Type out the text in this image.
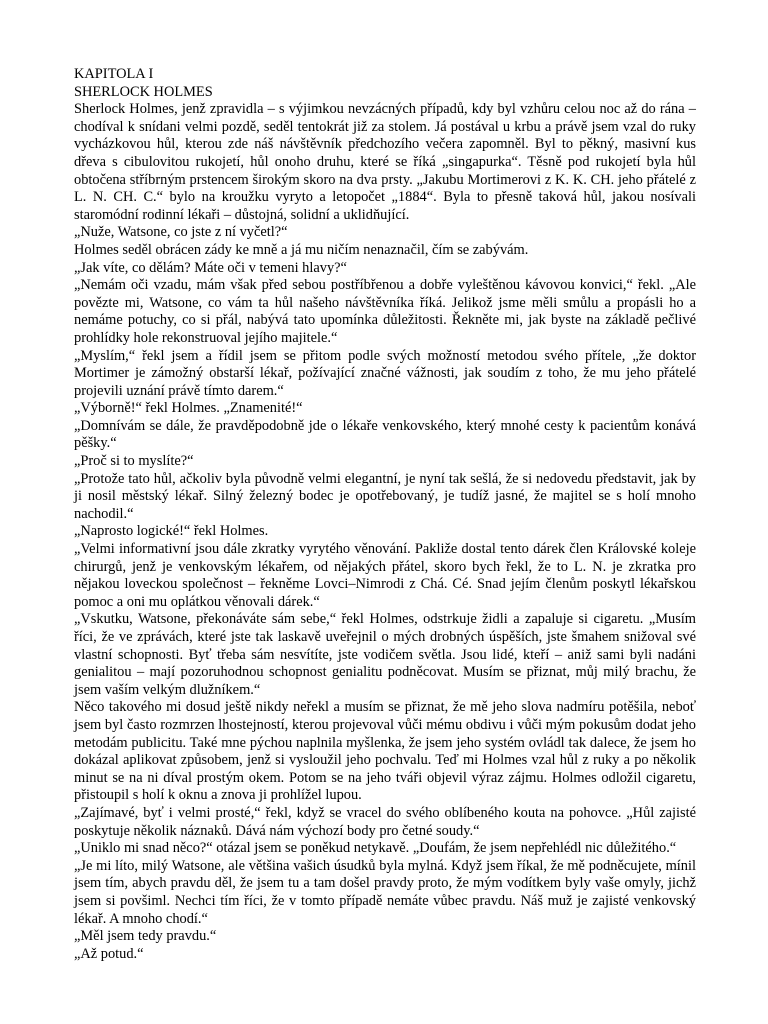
KAPITOLA I
SHERLOCK HOLMES

Sherlock Holmes, jenž zpravidla – s výjimkou nevzácných případů, kdy byl vzhůru celou noc až do rána – chodíval k snídani velmi pozdě, seděl tentokrát již za stolem. Já postával u krbu a právě jsem vzal do ruky vycházkovou hůl, kterou zde náš návštěvník předchozího večera zapomněl. Byl to pěkný, masivní kus dřeva s cibulovitou rukojetí, hůl onoho druhu, které se říká „singapurka“. Těsně pod rukojetí byla hůl obtočena stříbrným prstencem širokým skoro na dva prsty. „Jakubu Mortimerovi z K. K. CH. jeho přátelé z L. N. CH. C.“ bylo na kroužku vyryto a letopočet „1884“. Byla to přesně taková hůl, jakou nosívali staromódní rodinní lékaři – důstojná, solidní a uklidňující.

„Nuže, Watsone, co jste z ní vyčetl?“

Holmes seděl obrácen zády ke mně a já mu ničím nenaznačil, čím se zabývám.

„Jak víte, co dělám? Máte oči v temeni hlavy?“

„Nemám oči vzadu, mám však před sebou postříbřenou a dobře vyleštěnou kávovou konvici,“ řekl. „Ale povězte mi, Watsone, co vám ta hůl našeho návštěvníka říká. Jelikož jsme měli smůlu a propásli ho a nemáme potuchy, co si přál, nabývá tato upomínka důležitosti. Řekněte mi, jak byste na základě pečlivé prohlídky hole rekonstruoval jejího majitele.“

„Myslím,“ řekl jsem a řídil jsem se přitom podle svých možností metodou svého přítele, „že doktor Mortimer je zámožný obstarší lékař, požívající značné vážnosti, jak soudím z toho, že mu jeho přátelé projevili uznání právě tímto darem.“

„Výborně!“ řekl Holmes. „Znamenité!“

„Domnívám se dále, že pravděpodobně jde o lékaře venkovského, který mnohé cesty k pacientům konává pěšky.“

„Proč si to myslíte?“

„Protože tato hůl, ačkoliv byla původně velmi elegantní, je nyní tak sešlá, že si nedovedu představit, jak by ji nosil městský lékař. Silný železný bodec je opotřebovaný, je tudíž jasné, že majitel se s holí mnoho nachodil.“

„Naprosto logické!“ řekl Holmes.

„Velmi informativní jsou dále zkratky vyrytého věnování. Pakliže dostal tento dárek člen Královské koleje chirurgů, jenž je venkovským lékařem, od nějakých přátel, skoro bych řekl, že to L. N. je zkratka pro nějakou loveckou společnost – řekněme Lovci–Nimrodi z Chá. Cé. Snad jejím členům poskytl lékařskou pomoc a oni mu oplátkou věnovali dárek.“

„Vskutku, Watsone, překonáváte sám sebe,“ řekl Holmes, odstrkuje židli a zapaluje si cigaretu. „Musím říci, že ve zprávách, které jste tak laskavě uveřejnil o mých drobných úspěších, jste šmahem snižoval své vlastní schopnosti. Byť třeba sám nesvítíte, jste vodičem světla. Jsou lidé, kteří – aniž sami byli nadáni genialitou – mají pozoruhodnou schopnost genialitu podněcovat. Musím se přiznat, můj milý brachu, že jsem vaším velkým dlužníkem.“

Něco takového mi dosud ještě nikdy neřekl a musím se přiznat, že mě jeho slova nadmíru potěšila, neboť jsem byl často rozmrzen lhostejností, kterou projevoval vůči mému obdivu i vůči mým pokusům dodat jeho metodám publicitu. Také mne pýchou naplnila myšlenka, že jsem jeho systém ovládl tak dalece, že jsem ho dokázal aplikovat způsobem, jenž si vysloužil jeho pochvalu. Teď mi Holmes vzal hůl z ruky a po několik minut se na ni díval prostým okem. Potom se na jeho tváři objevil výraz zájmu. Holmes odložil cigaretu, přistoupil s holí k oknu a znova ji prohlížel lupou.

„Zajímavé, byť i velmi prosté,“ řekl, když se vracel do svého oblíbeného kouta na pohovce. „Hůl zajisté poskytuje několik náznaků. Dává nám výchozí body pro četné soudy.“

„Uniklo mi snad něco?“ otázal jsem se poněkud netykavě. „Doufám, že jsem nepřehlédl nic důležitého.“

„Je mi líto, milý Watsone, ale většina vašich úsudků byla mylná. Když jsem říkal, že mě podněcujete, mínil jsem tím, abych pravdu děl, že jsem tu a tam došel pravdy proto, že mým vodítkem byly vaše omyly, jichž jsem si povšiml. Nechci tím říci, že v tomto případě nemáte vůbec pravdu. Náš muž je zajisté venkovský lékař. A mnoho chodí.“

„Měl jsem tedy pravdu.“

„Až potud.“
